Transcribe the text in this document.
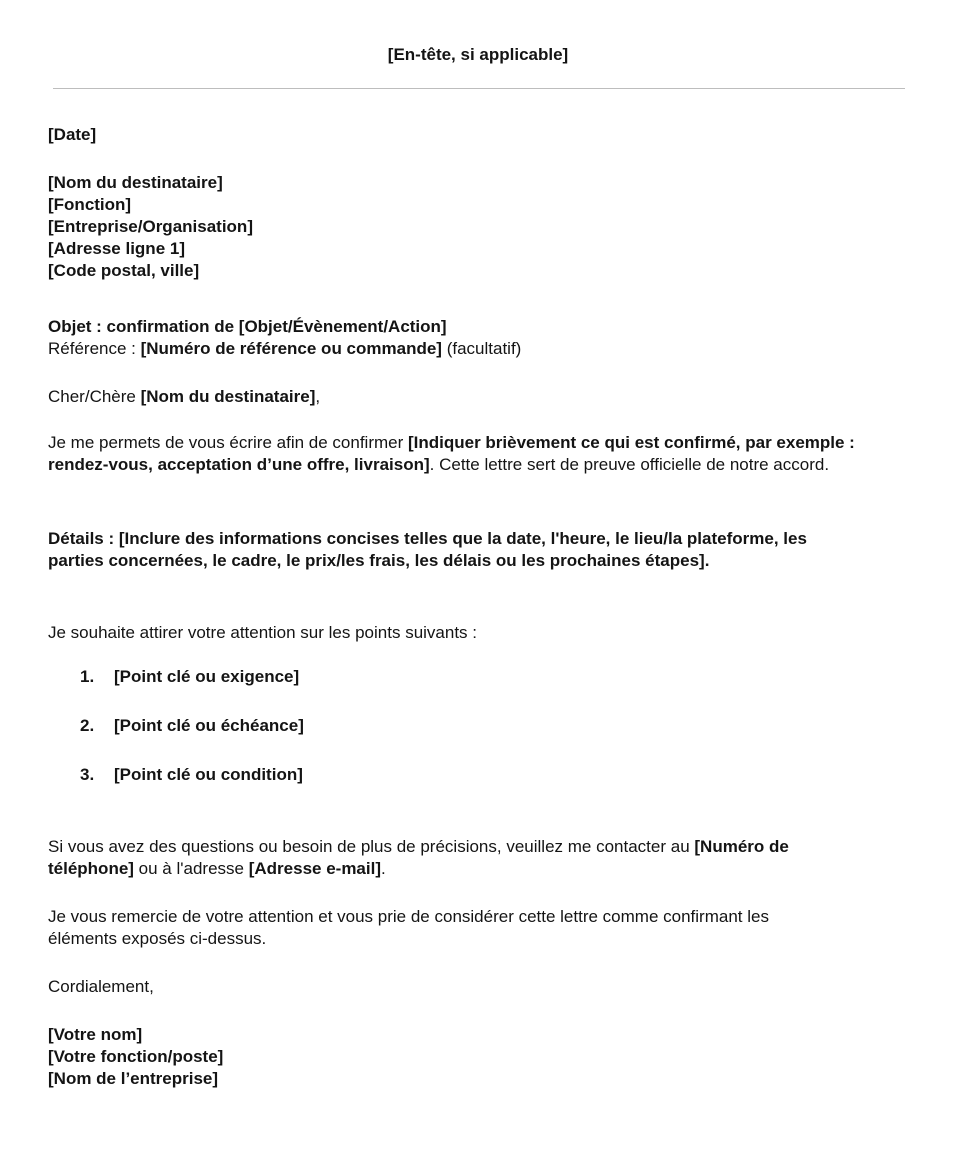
[En-tête, si applicable]
[Date]

[Nom du destinataire]

[Fonction]

[Entreprise/Organisation]

[Adresse ligne 1]

[Code postal, ville]

Objet : confirmation de [Objet/Évènement/Action]

Référence : [Numéro de référence ou commande] (facultatif)

Cher/Chère [Nom du destinataire],
Je me permets de vous écrire afin de confirmer [Indiquer brièvement ce qui est confirmé, par exemple : rendez-vous, acceptation d’une offre, livraison]. Cette lettre sert de preuve officielle de notre accord.
Détails : [Inclure des informations concises telles que la date, l'heure, le lieu/la plateforme, les parties concernées, le cadre, le prix/les frais, les délais ou les prochaines étapes].
Je souhaite attirer votre attention sur les points suivants :
1. [Point clé ou exigence]
2. [Point clé ou échéance]
3. [Point clé ou condition]
Si vous avez des questions ou besoin de plus de précisions, veuillez me contacter au [Numéro de téléphone] ou à l'adresse [Adresse e-mail].
Je vous remercie de votre attention et vous prie de considérer cette lettre comme confirmant les éléments exposés ci-dessus.
Cordialement,

[Votre nom]

[Votre fonction/poste]

[Nom de l’entreprise]
